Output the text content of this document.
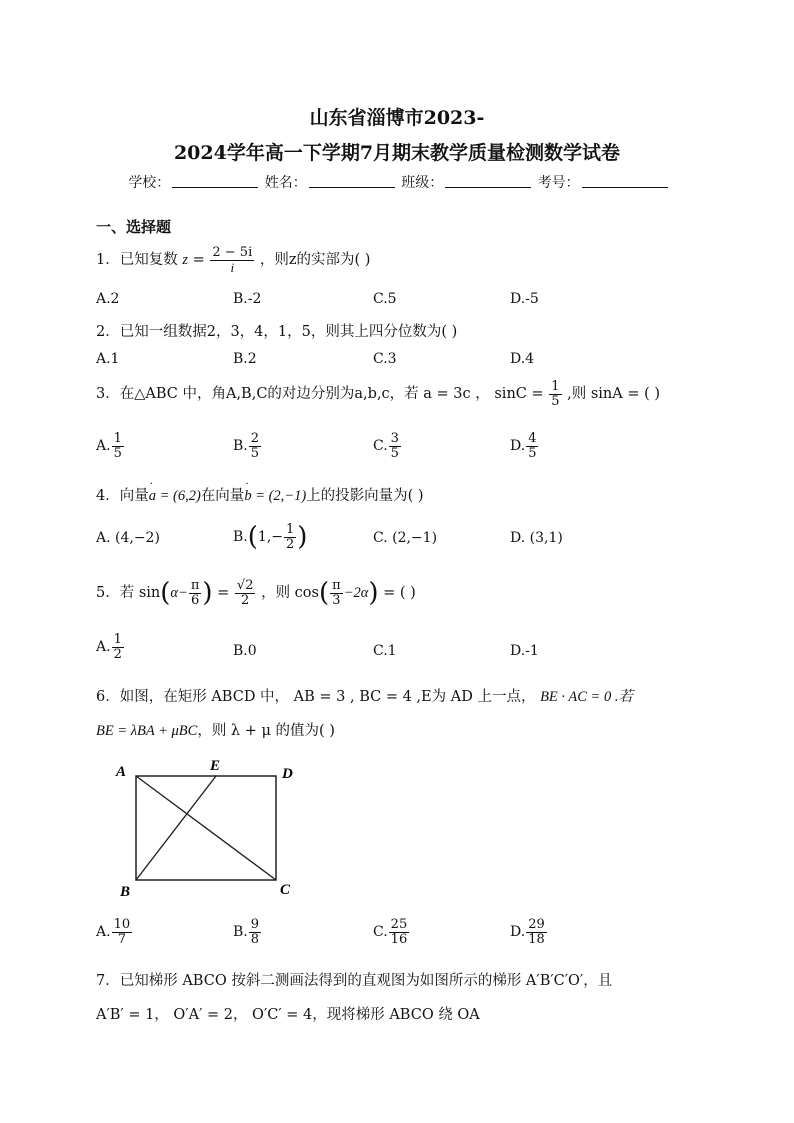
山东省淄博市2023-
2024学年高一下学期7月期末教学质量检测数学试卷
学校：	姓名：	班级：	考号：
一、选择题
1．已知复数 $z = \frac{2 - 5i}{i}$ ，则z的实部为( )
A.2	B.-2	C.5	D.-5
2．已知一组数据2，3，4，1，5，则其上四分位数为( )
A.1	B.2	C.3	D.4
3．在△ABC 中，角A,B,C的对边分别为a,b,c，若 a = 3c ， $\sin C = \frac{1}{5}$ ,则 sinA = ( )
A. $\frac{1}{5}$	B. $\frac{2}{5}$	C. $\frac{3}{5}$	D. $\frac{4}{5}$
4．向量· a = (6,2)在向量· b = (2,−1)上的投影向量为( )
A. (4,−2)	$B.(1,- \frac{1}{2}$ )	C. (2,−1)	D. (3,1)
5．若 $\sin(\alpha- \frac{\pi}{6}$ ) = $\frac{√2}{2}$ ，则 $\cos( \frac{\pi}{3} -2\alpha)$ = ( )
A. $\frac{1}{2}$	B.0	C.1	D.-1
6．如图，在矩形 ABCD 中， AB = 3 , BC = 4 ,E为 AD 上一点， BE · AC = 0 .若
BE = λBA + μBC，则 λ + μ 的值为( )
A	E	D
B	C
A. $\frac{10}{7}$	B. $\frac{9}{8}$	C. $\frac{25}{16}$	D. $\frac{29}{18}$
7．已知梯形 ABCO 按斜二测画法得到的直观图为如图所示的梯形 A′B′C′O′，且
A′B′ = 1， O′A′ = 2， O′C′ = 4，现将梯形 ABCO 绕 OA
